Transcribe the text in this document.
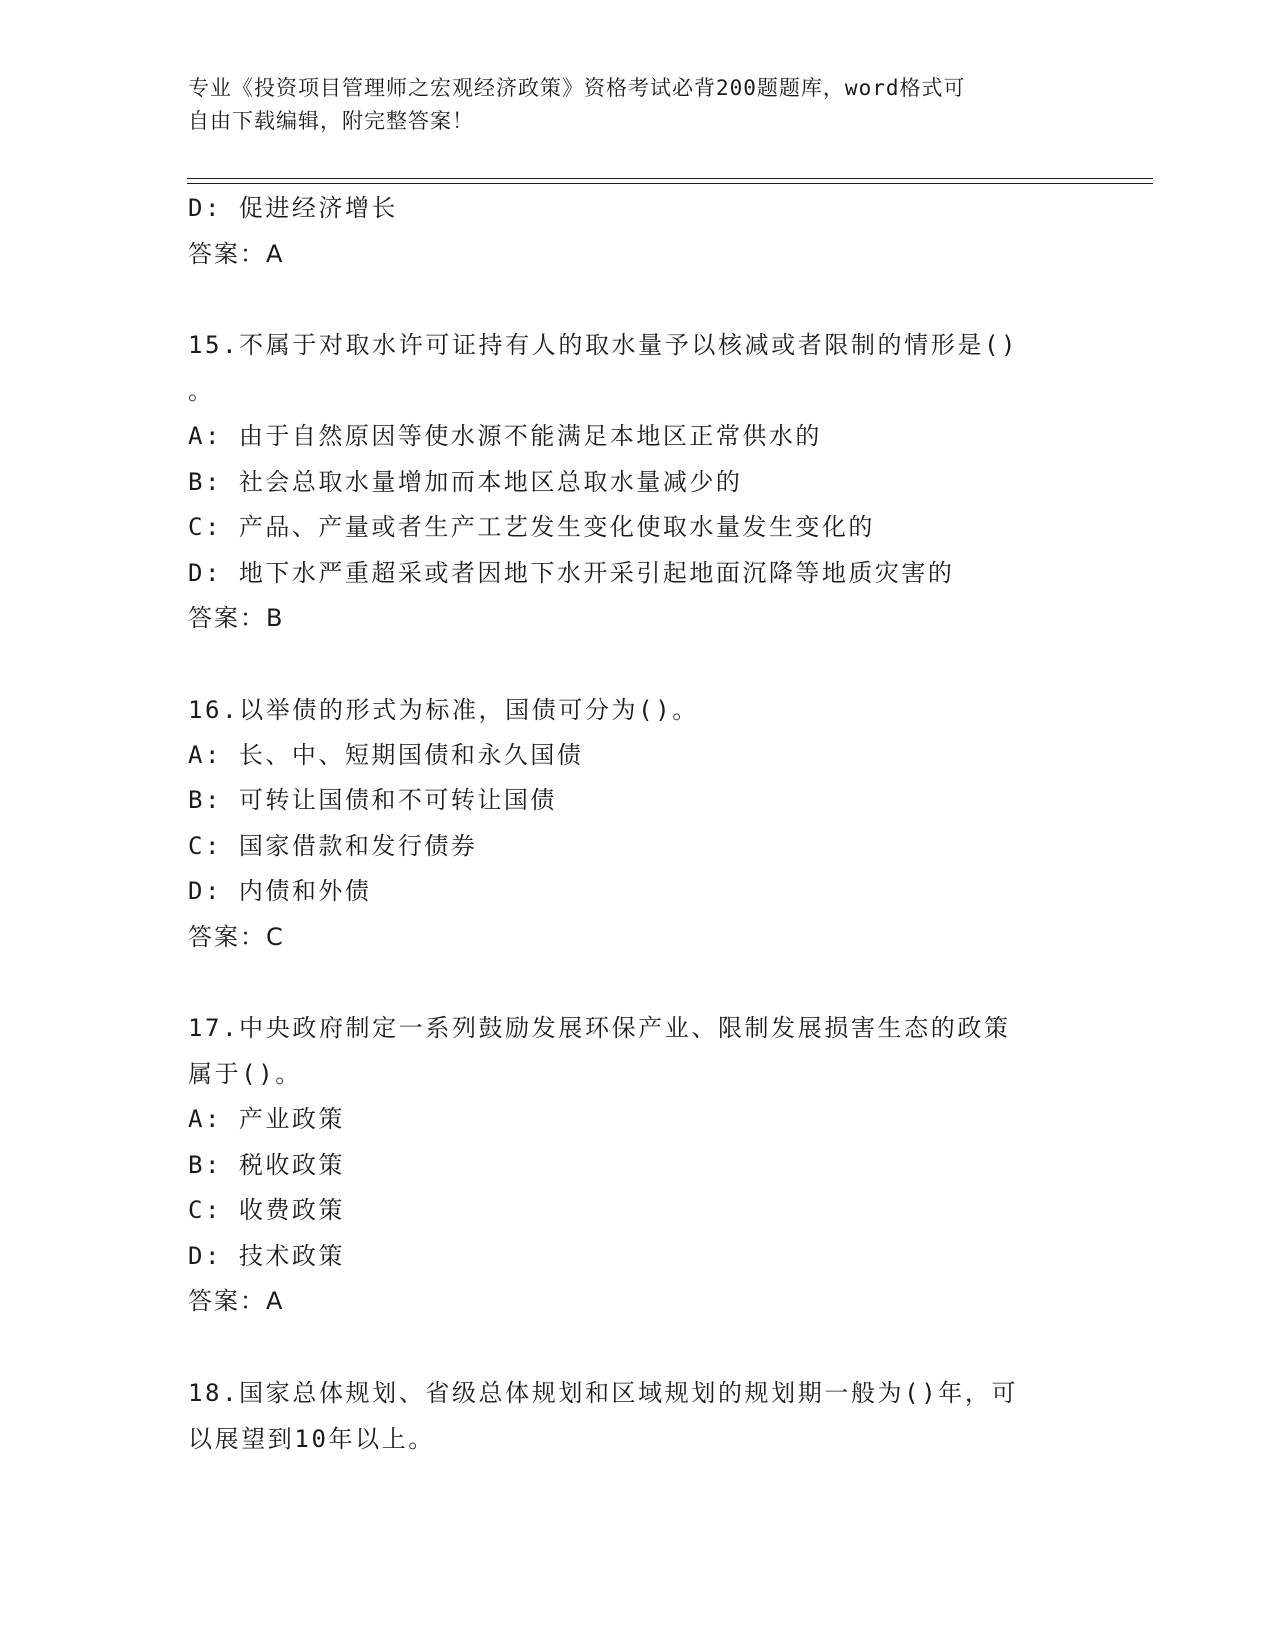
专业《投资项目管理师之宏观经济政策》资格考试必背200题题库，word格式可
自由下载编辑，附完整答案！
D: 促进经济增长
答案：A
15.不属于对取水许可证持有人的取水量予以核减或者限制的情形是()
。
A: 由于自然原因等使水源不能满足本地区正常供水的
B: 社会总取水量增加而本地区总取水量减少的
C: 产品、产量或者生产工艺发生变化使取水量发生变化的
D: 地下水严重超采或者因地下水开采引起地面沉降等地质灾害的
答案：B
16.以举债的形式为标准，国债可分为()。
A: 长、中、短期国债和永久国债
B: 可转让国债和不可转让国债
C: 国家借款和发行债券
D: 内债和外债
答案：C
17.中央政府制定一系列鼓励发展环保产业、限制发展损害生态的政策
属于()。
A: 产业政策
B: 税收政策
C: 收费政策
D: 技术政策
答案：A
18.国家总体规划、省级总体规划和区域规划的规划期一般为()年，可
以展望到10年以上。
